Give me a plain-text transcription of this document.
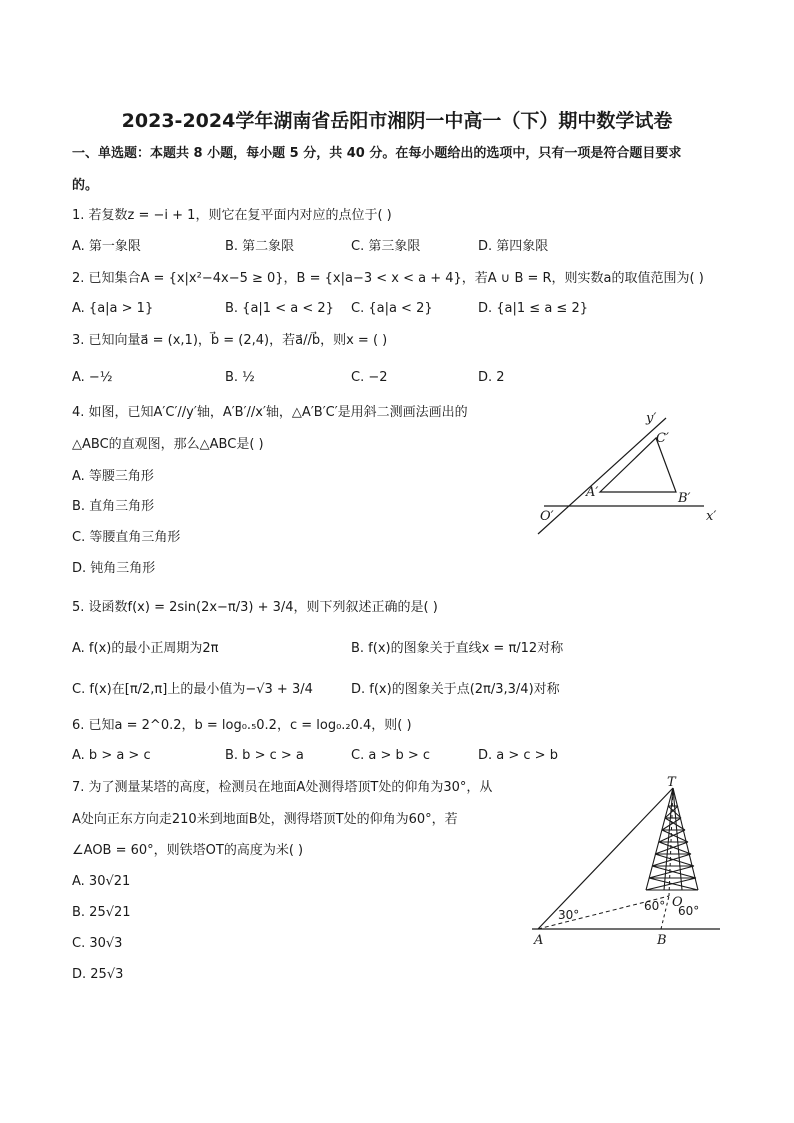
2023-2024学年湖南省岳阳市湘阴一中高一（下）期中数学试卷
一、单选题：本题共 8 小题，每小题 5 分，共 40 分。在每小题给出的选项中，只有一项是符合题目要求
的。
1. 若复数z = −i + 1，则它在复平面内对应的点位于( )
A. 第一象限	B. 第二象限	C. 第三象限	D. 第四象限
2. 已知集合A = {x|x²−4x−5 ≥ 0}，B = {x|a−3 < x < a + 4}，若A ∪ B = R，则实数a的取值范围为( )
A. {a|a > 1}	B. {a|1 < a < 2} C. {a|a < 2}	D. {a|1 ≤ a ≤ 2}
3. 已知向量a⃗ = (x,1)，b⃗ = (2,4)，若a⃗//b⃗，则x = ( )
A. −½	B. ½	C. −2	D. 2
4. 如图，已知A′C′//y′轴，A′B′//x′轴，△A′B′C′是用斜二测画法画出的
△ABC的直观图，那么△ABC是( )
A. 等腰三角形
B. 直角三角形
C. 等腰直角三角形
D. 钝角三角形
y′
x′
O′
A′	B′
C′
5. 设函数f(x) = 2sin(2x−π/3) + 3/4，则下列叙述正确的是( )
A. f(x)的最小正周期为2π	B. f(x)的图象关于直线x = π/12对称
C. f(x)在[π/2,π]上的最小值为−√3 + 3/4	D. f(x)的图象关于点(2π/3,3/4)对称
6. 已知a = 2^0.2，b = log₀.₅0.2，c = log₀.₂0.4，则( )
A. b > a > c	B. b > c > a	C. a > b > c	D. a > c > b
7. 为了测量某塔的高度，检测员在地面A处测得塔顶T处的仰角为30°，从
A处向正东方向走210米到地面B处，测得塔顶T处的仰角为60°，若
∠AOB = 60°，则铁塔OT的高度为米( )
A. 30√21
B. 25√21
C. 30√3
D. 25√3
T
A	B
O
30°
60° 60°
